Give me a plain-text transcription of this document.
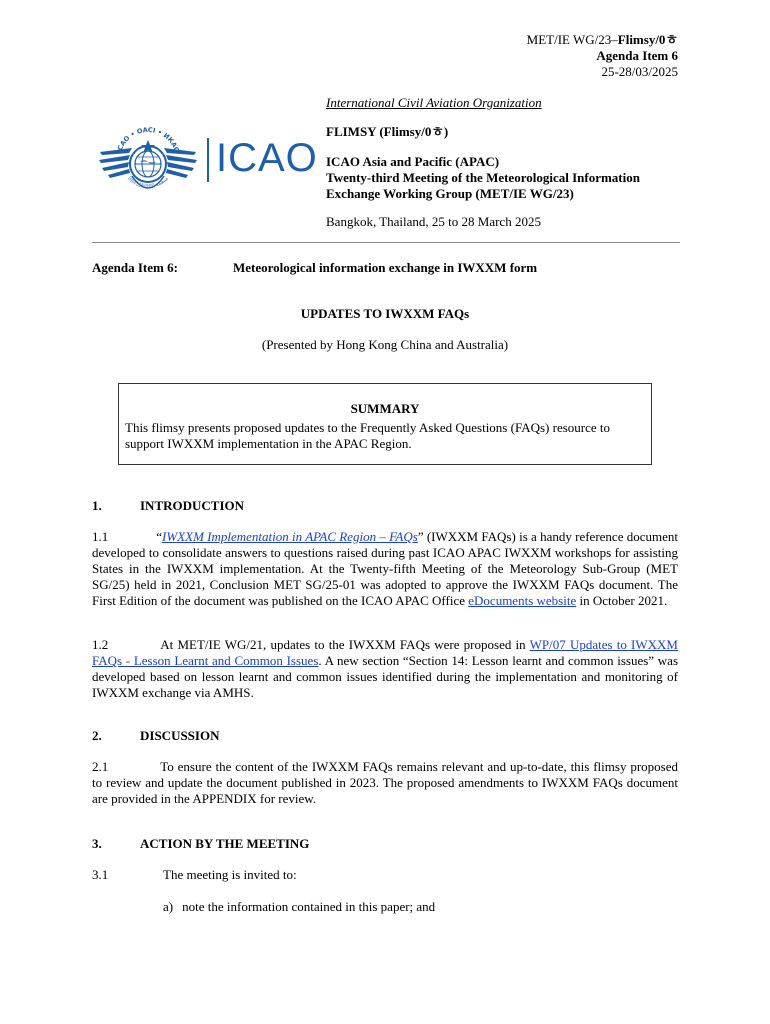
MET/IE WG/23–Flimsy/0ㅎ
Agenda Item 6
25-28/03/2025
ICAO • OACI • ИКАО
国际民航组织 منظمة ICAO
International Civil Aviation Organization
FLIMSY (Flimsy/0ㅎ)
ICAO Asia and Pacific (APAC)
Twenty-third Meeting of the Meteorological Information
Exchange Working Group (MET/IE WG/23)
Bangkok, Thailand, 25 to 28 March 2025
Agenda Item 6:	Meteorological information exchange in IWXXM form
UPDATES TO IWXXM FAQs
(Presented by Hong Kong China and Australia)
SUMMARY
This flimsy presents proposed updates to the Frequently Asked Questions (FAQs) resource to support IWXXM implementation in the APAC Region.
1.	INTRODUCTION
1.1	“IWXXM Implementation in APAC Region – FAQs” (IWXXM FAQs) is a handy reference document developed to consolidate answers to questions raised during past ICAO APAC IWXXM workshops for assisting States in the IWXXM implementation. At the Twenty-fifth Meeting of the Meteorology Sub-Group (MET SG/25) held in 2021, Conclusion MET SG/25-01 was adopted to approve the IWXXM FAQs document. The First Edition of the document was published on the ICAO APAC Office eDocuments website in October 2021.
1.2	At MET/IE WG/21, updates to the IWXXM FAQs were proposed in WP/07 Updates to IWXXM FAQs - Lesson Learnt and Common Issues. A new section “Section 14: Lesson learnt and common issues” was developed based on lesson learnt and common issues identified during the implementation and monitoring of IWXXM exchange via AMHS.
2.	DISCUSSION
2.1	To ensure the content of the IWXXM FAQs remains relevant and up-to-date, this flimsy proposed to review and update the document published in 2023. The proposed amendments to IWXXM FAQs document are provided in the APPENDIX for review.
3.	ACTION BY THE MEETING
3.1	The meeting is invited to:
a) note the information contained in this paper; and
